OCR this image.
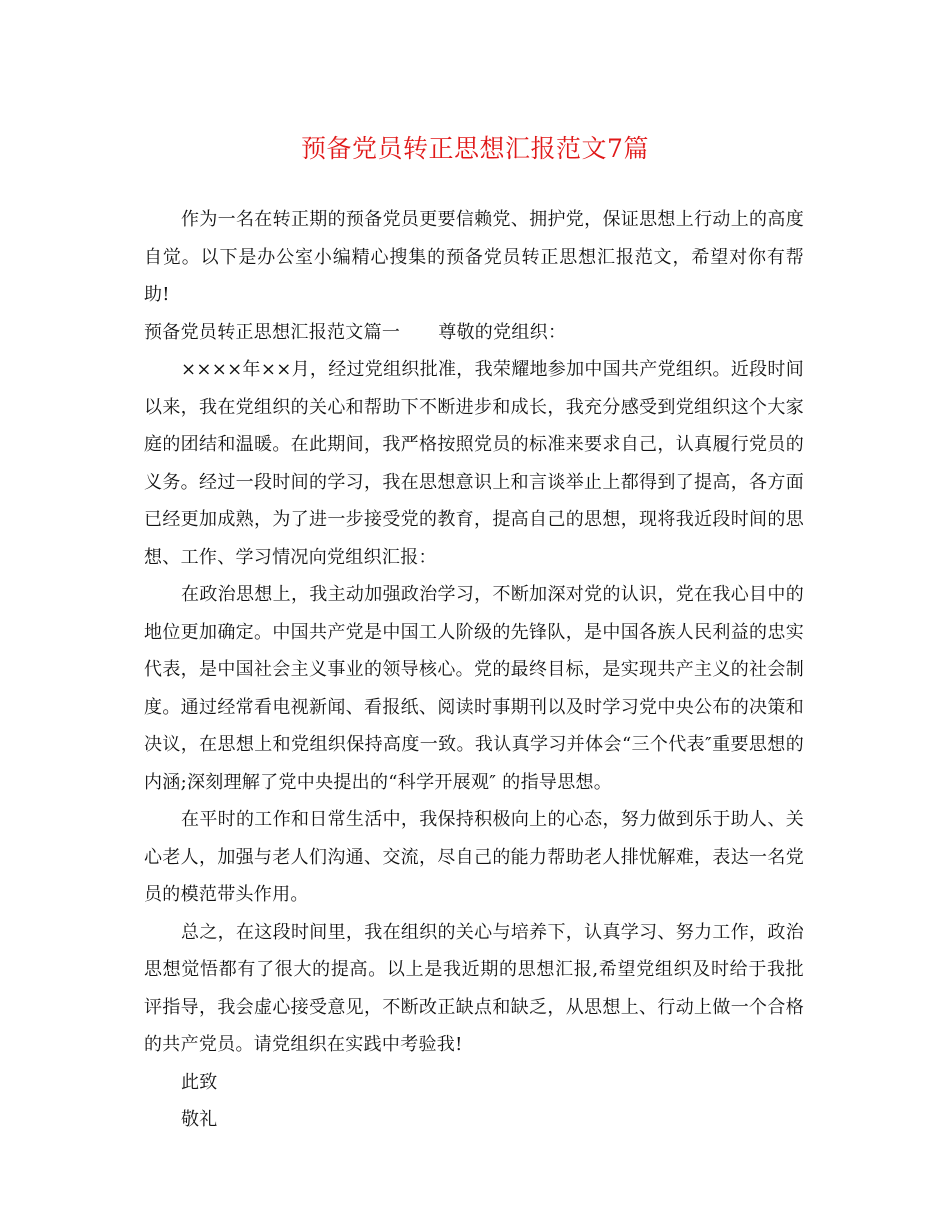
预备党员转正思想汇报范文7篇

作为一名在转正期的预备党员更要信赖党、拥护党，保证思想上行动上的高度自觉。以下是办公室小编精心搜集的预备党员转正思想汇报范文，希望对你有帮助!

预备党员转正思想汇报范文篇一 尊敬的党组织：

××××年××月，经过党组织批准，我荣耀地参加中国共产党组织。近段时间以来，我在党组织的关心和帮助下不断进步和成长，我充分感受到党组织这个大家庭的团结和温暖。在此期间，我严格按照党员的标准来要求自己，认真履行党员的义务。经过一段时间的学习，我在思想意识上和言谈举止上都得到了提高，各方面已经更加成熟，为了进一步接受党的教育，提高自己的思想，现将我近段时间的思想、工作、学习情况向党组织汇报：

在政治思想上，我主动加强政治学习，不断加深对党的认识，党在我心目中的地位更加确定。中国共产党是中国工人阶级的先锋队，是中国各族人民利益的忠实代表，是中国社会主义事业的领导核心。党的最终目标，是实现共产主义的社会制度。通过经常看电视新闻、看报纸、阅读时事期刊以及时学习党中央公布的决策和决议，在思想上和党组织保持高度一致。我认真学习并体会“三个代表″重要思想的内涵;深刻理解了党中央提出的“科学开展观″ 的指导思想。

在平时的工作和日常生活中，我保持积极向上的心态，努力做到乐于助人、关心老人，加强与老人们沟通、交流，尽自己的能力帮助老人排忧解难，表达一名党员的模范带头作用。

总之，在这段时间里，我在组织的关心与培养下，认真学习、努力工作，政治思想觉悟都有了很大的提高。以上是我近期的思想汇报,希望党组织及时给于我批评指导，我会虚心接受意见，不断改正缺点和缺乏，从思想上、行动上做一个合格的共产党员。请党组织在实践中考验我!

此致

敬礼
